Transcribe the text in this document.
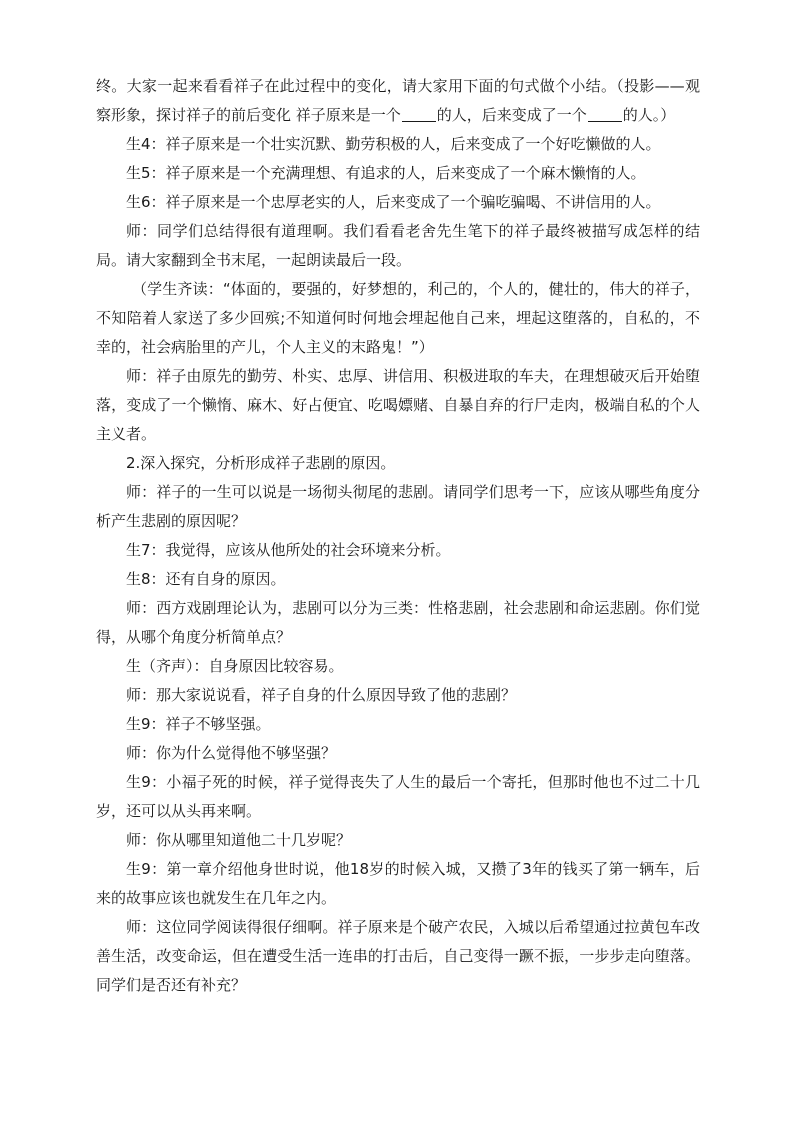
终。大家一起来看看祥子在此过程中的变化，请大家用下面的句式做个小结。（投影——观察形象，探讨祥子的前后变化 祥子原来是一个 的人，后来变成了一个 的人。）

生4：祥子原来是一个壮实沉默、勤劳积极的人，后来变成了一个好吃懒做的人。

生5：祥子原来是一个充满理想、有追求的人，后来变成了一个麻木懒惰的人。

生6：祥子原来是一个忠厚老实的人，后来变成了一个骗吃骗喝、不讲信用的人。

师：同学们总结得很有道理啊。我们看看老舍先生笔下的祥子最终被描写成怎样的结局。请大家翻到全书末尾，一起朗读最后一段。

（学生齐读：“体面的，要强的，好梦想的，利己的，个人的，健壮的，伟大的祥子，不知陪着人家送了多少回殡;不知道何时何地会埋起他自己来，埋起这堕落的，自私的，不幸的，社会病胎里的产儿，个人主义的末路鬼！”）

师：祥子由原先的勤劳、朴实、忠厚、讲信用、积极进取的车夫，在理想破灭后开始堕落，变成了一个懒惰、麻木、好占便宜、吃喝嫖赌、自暴自弃的行尸走肉，极端自私的个人主义者。

2.深入探究，分析形成祥子悲剧的原因。

师：祥子的一生可以说是一场彻头彻尾的悲剧。请同学们思考一下，应该从哪些角度分析产生悲剧的原因呢？

生7：我觉得，应该从他所处的社会环境来分析。

生8：还有自身的原因。

师：西方戏剧理论认为，悲剧可以分为三类：性格悲剧，社会悲剧和命运悲剧。你们觉得，从哪个角度分析简单点？

生（齐声）：自身原因比较容易。

师：那大家说说看，祥子自身的什么原因导致了他的悲剧？

生9：祥子不够坚强。

师：你为什么觉得他不够坚强？

生9：小福子死的时候，祥子觉得丧失了人生的最后一个寄托，但那时他也不过二十几岁，还可以从头再来啊。

师：你从哪里知道他二十几岁呢？

生9：第一章介绍他身世时说，他18岁的时候入城，又攒了3年的钱买了第一辆车，后来的故事应该也就发生在几年之内。

师：这位同学阅读得很仔细啊。祥子原来是个破产农民，入城以后希望通过拉黄包车改善生活，改变命运，但在遭受生活一连串的打击后，自己变得一蹶不振，一步步走向堕落。同学们是否还有补充？
